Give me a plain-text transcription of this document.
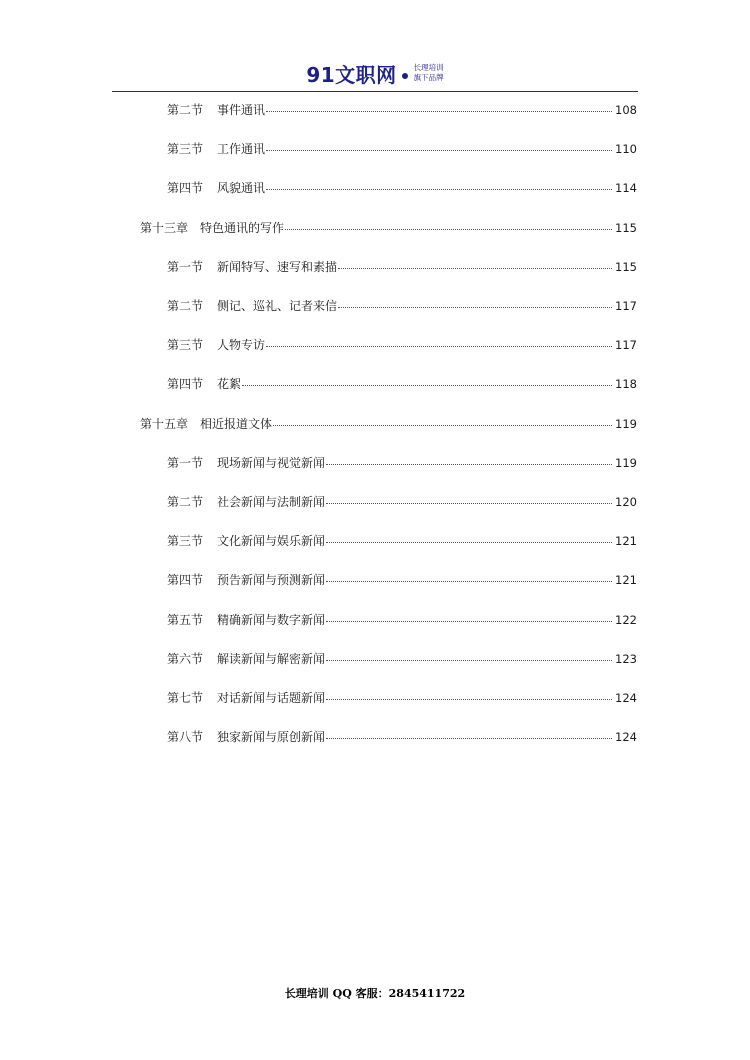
91文职网 长理培训
旗下品牌
第二节 事件通讯	108
第三节 工作通讯	110
第四节 风貌通讯	114
第十三章 特色通讯的写作	115
第一节 新闻特写、速写和素描	115
第二节 侧记、巡礼、记者来信	117
第三节 人物专访	117
第四节 花絮	118
第十五章 相近报道文体	119
第一节 现场新闻与视觉新闻	119
第二节 社会新闻与法制新闻	120
第三节 文化新闻与娱乐新闻	121
第四节 预告新闻与预测新闻	121
第五节 精确新闻与数字新闻	122
第六节 解读新闻与解密新闻	123
第七节 对话新闻与话题新闻	124
第八节 独家新闻与原创新闻	124
长理培训 QQ 客服：2845411722
